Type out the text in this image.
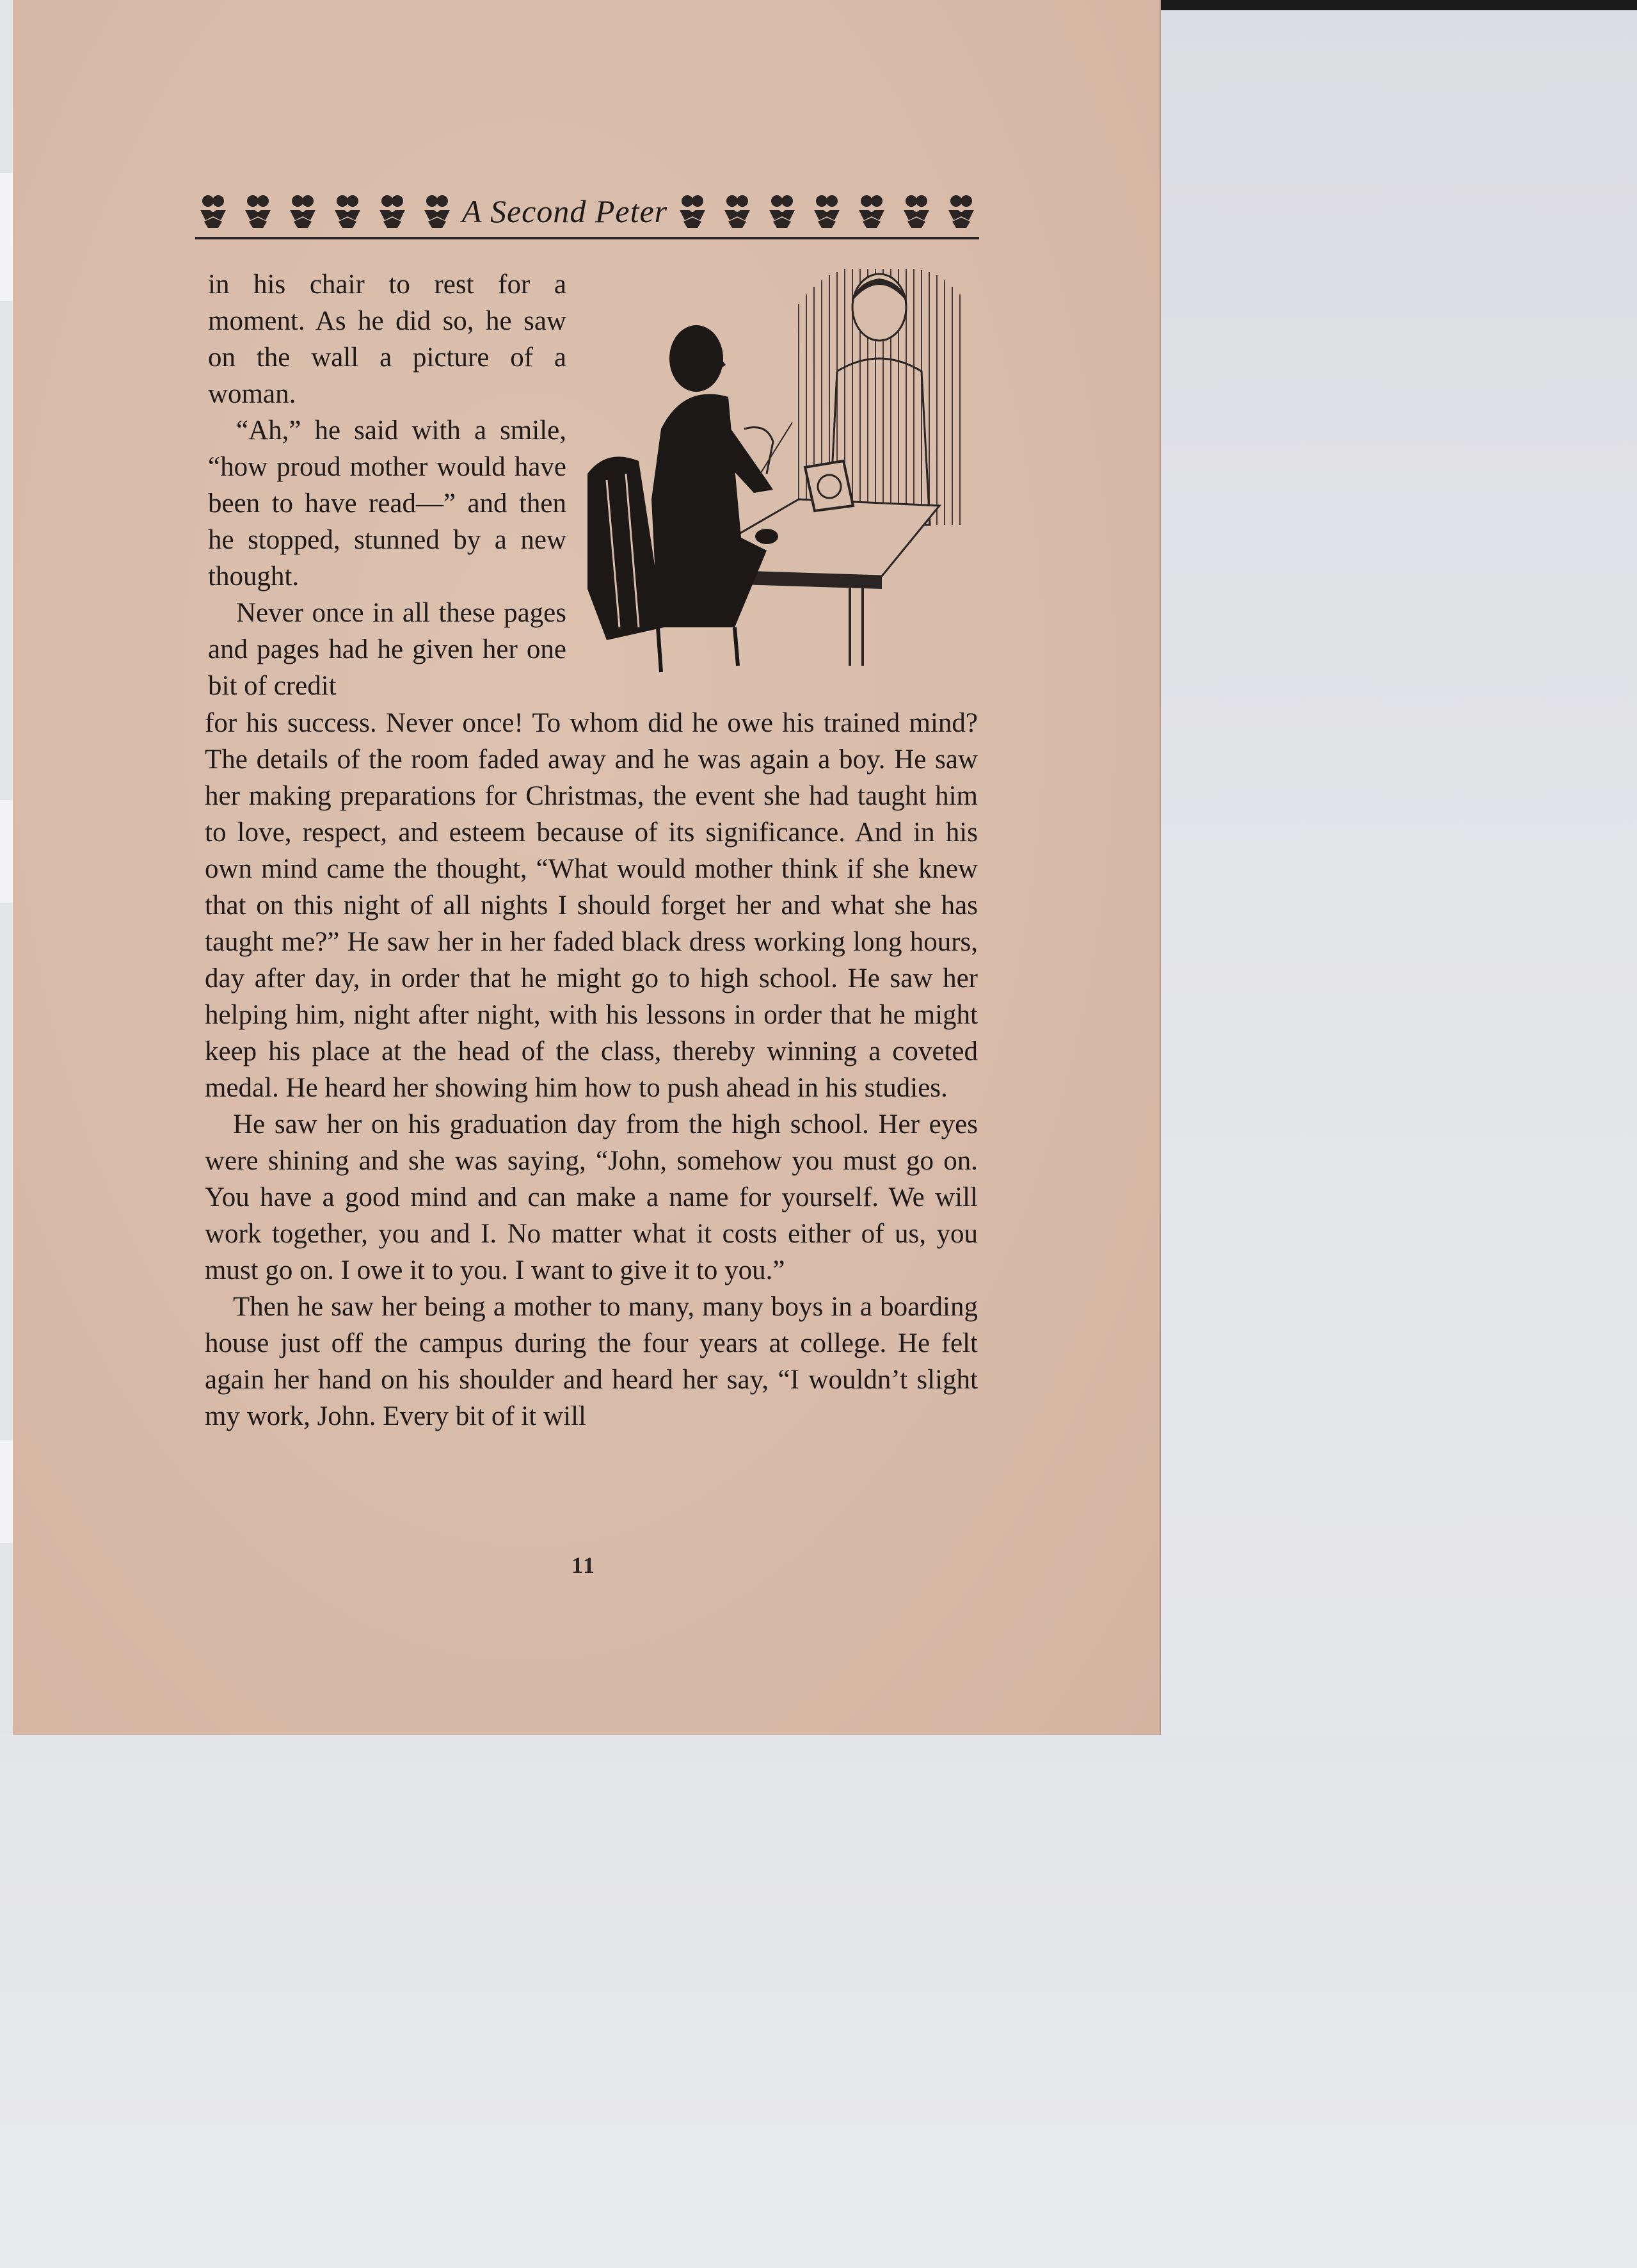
A Second Peter

in his chair to rest for a moment. As he did so, he saw on the wall a picture of a woman.

“Ah,” he said with a smile, “how proud mother would have been to have read—” and then he stopped, stunned by a new thought.

Never once in all these pages and pages had he given her one bit of credit

for his success. Never once! To whom did he owe his trained mind? The details of the room faded away and he was again a boy. He saw her making preparations for Christmas, the event she had taught him to love, respect, and esteem because of its significance. And in his own mind came the thought, “What would mother think if she knew that on this night of all nights I should forget her and what she has taught me?” He saw her in her faded black dress working long hours, day after day, in order that he might go to high school. He saw her helping him, night after night, with his lessons in order that he might keep his place at the head of the class, thereby winning a coveted medal. He heard her showing him how to push ahead in his studies.

He saw her on his graduation day from the high school. Her eyes were shining and she was saying, “John, somehow you must go on. You have a good mind and can make a name for yourself. We will work together, you and I. No matter what it costs either of us, you must go on. I owe it to you. I want to give it to you.”

Then he saw her being a mother to many, many boys in a boarding house just off the campus during the four years at college. He felt again her hand on his shoulder and heard her say, “I wouldn’t slight my work, John. Every bit of it will

11
